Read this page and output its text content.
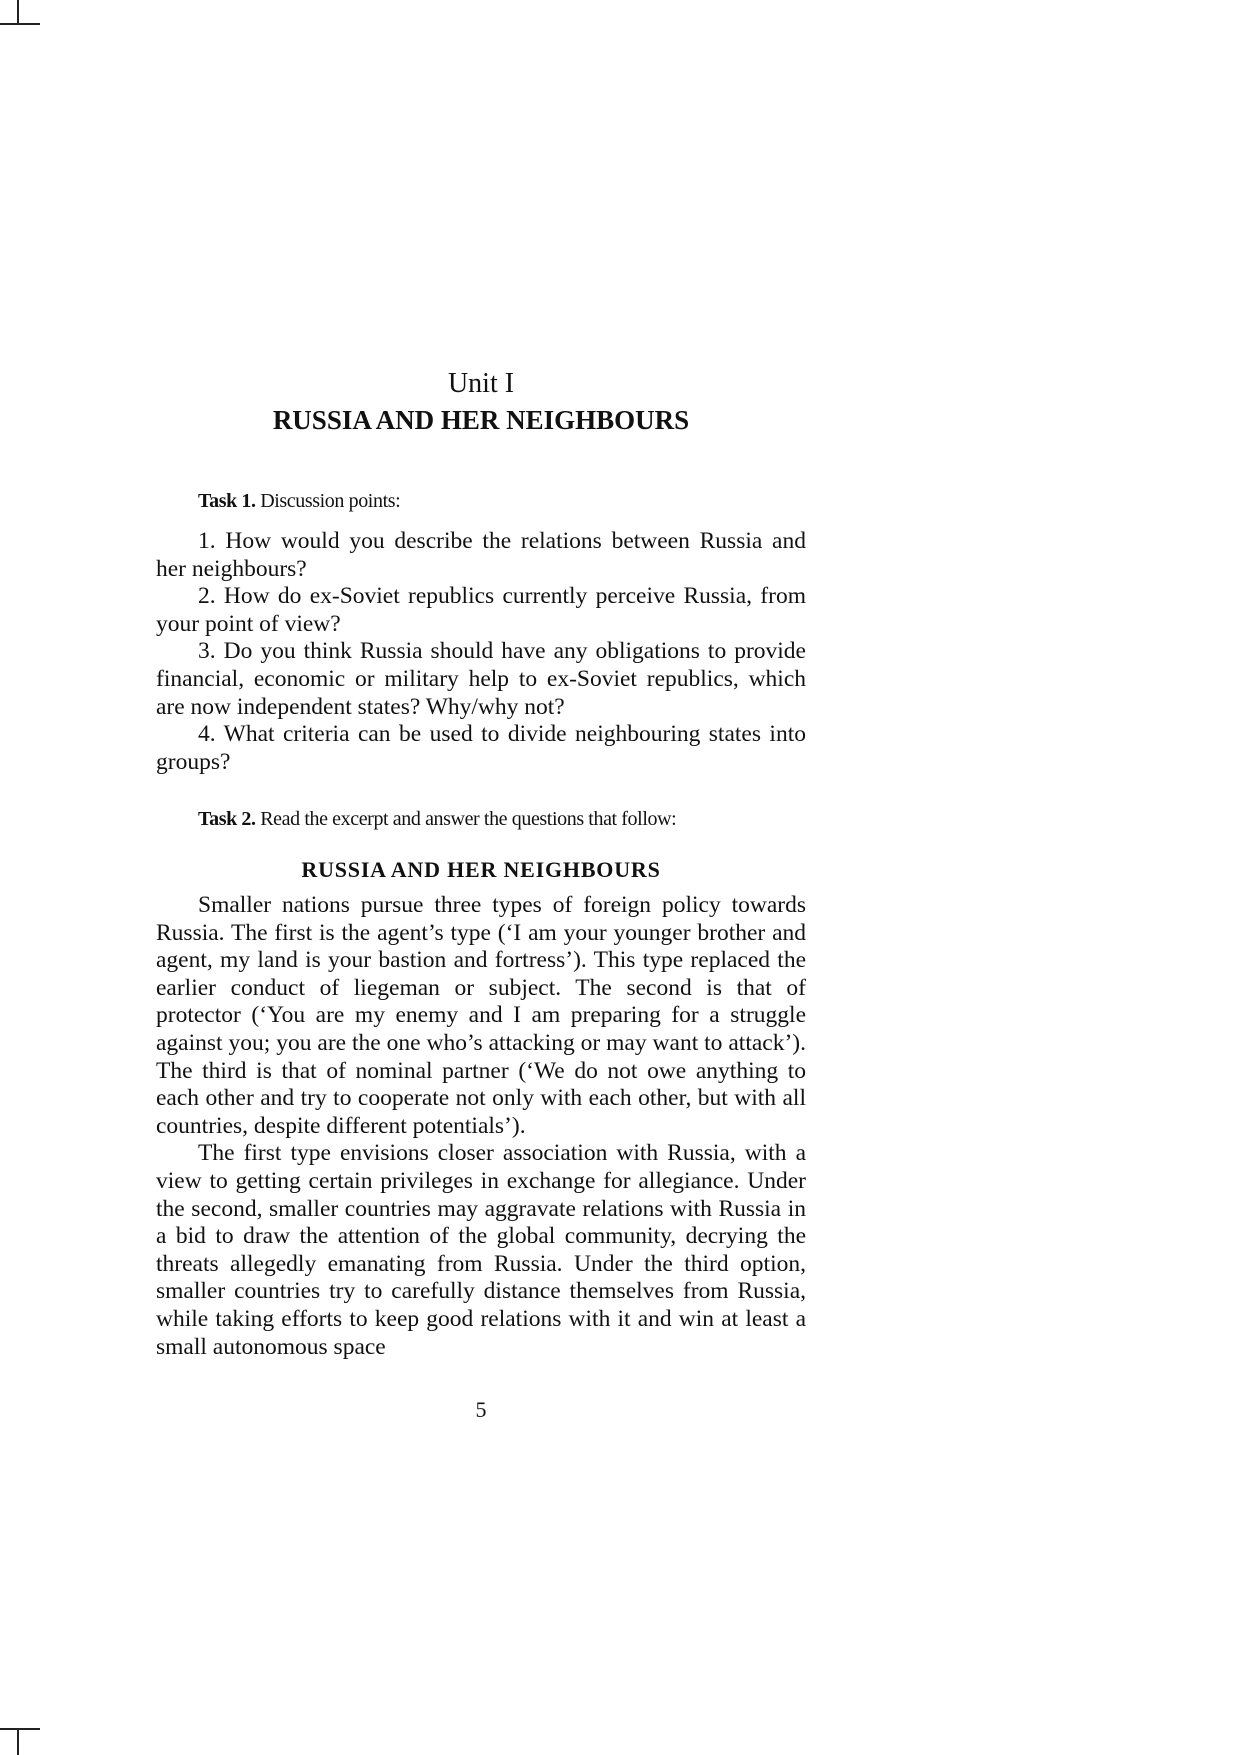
Unit I
RUSSIA AND HER NEIGHBOURS
Task 1. Discussion points:

1. How would you describe the relations between Russia and her neighbours?

2. How do ex-Soviet republics currently perceive Russia, from your point of view?

3. Do you think Russia should have any obligations to provide financial, economic or military help to ex-Soviet republics, which are now independent states? Why/why not?

4. What criteria can be used to divide neighbouring states into groups?

Task 2. Read the excerpt and answer the questions that follow:
RUSSIA AND HER NEIGHBOURS

Smaller nations pursue three types of foreign policy towards Russia. The first is the agent’s type (‘I am your younger brother and agent, my land is your bastion and fortress’). This type replaced the earlier conduct of liegeman or subject. The second is that of protector (‘You are my enemy and I am preparing for a struggle against you; you are the one who’s attacking or may want to attack’). The third is that of nominal partner (‘We do not owe anything to each other and try to cooperate not only with each other, but with all countries, despite different potentials’).

The first type envisions closer association with Russia, with a view to getting certain privileges in exchange for allegiance. Under the second, smaller countries may aggravate relations with Russia in a bid to draw the attention of the global community, decrying the threats allegedly emanating from Russia. Under the third option, smaller countries try to carefully distance themselves from Russia, while taking efforts to keep good relations with it and win at least a small autonomous space

5
